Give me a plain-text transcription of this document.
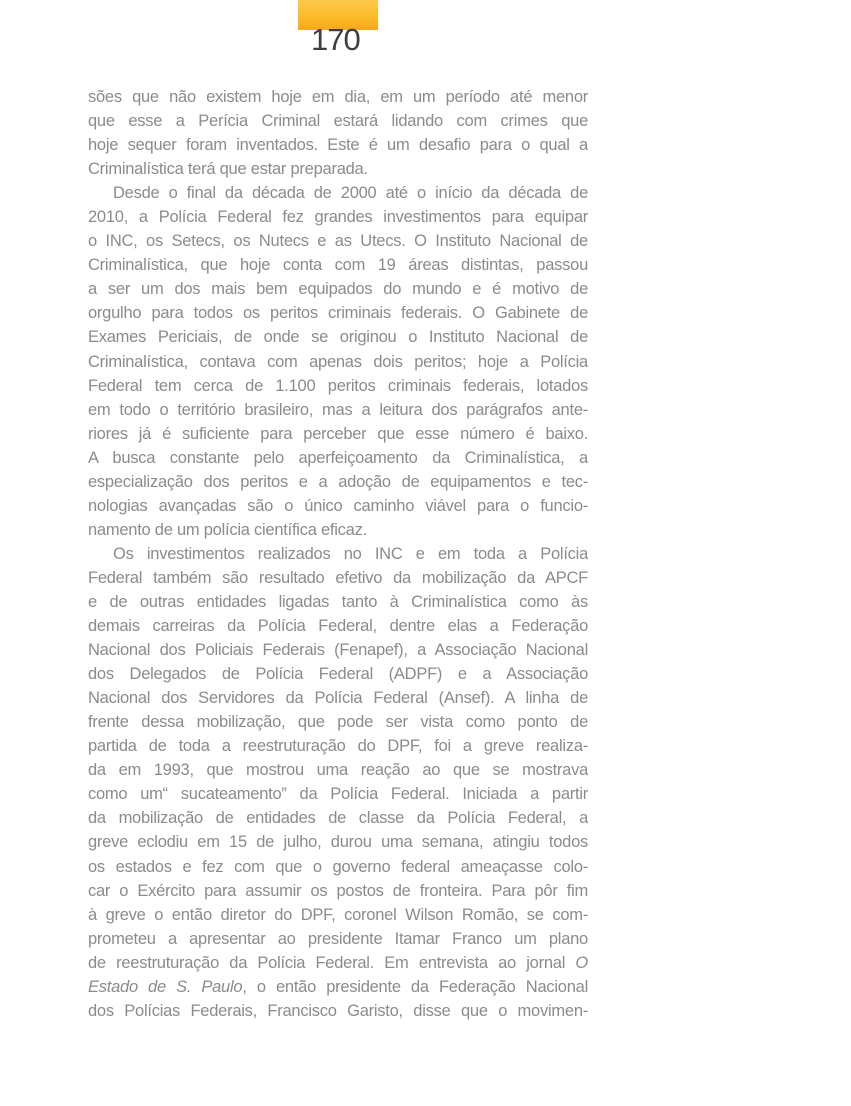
170
sões que não existem hoje em dia, em um período até menor
que esse a Perícia Criminal estará lidando com crimes que
hoje sequer foram inventados. Este é um desafio para o qual a
Criminalística terá que estar preparada.
Desde o final da década de 2000 até o início da década de
2010, a Polícia Federal fez grandes investimentos para equipar
o INC, os Setecs, os Nutecs e as Utecs. O Instituto Nacional de
Criminalística, que hoje conta com 19 áreas distintas, passou
a ser um dos mais bem equipados do mundo e é motivo de
orgulho para todos os peritos criminais federais. O Gabinete de
Exames Periciais, de onde se originou o Instituto Nacional de
Criminalística, contava com apenas dois peritos; hoje a Polícia
Federal tem cerca de 1.100 peritos criminais federais, lotados
em todo o território brasileiro, mas a leitura dos parágrafos ante-
riores já é suficiente para perceber que esse número é baixo.
A busca constante pelo aperfeiçoamento da Criminalística, a
especialização dos peritos e a adoção de equipamentos e tec-
nologias avançadas são o único caminho viável para o funcio-
namento de um polícia científica eficaz.
Os investimentos realizados no INC e em toda a Polícia
Federal também são resultado efetivo da mobilização da APCF
e de outras entidades ligadas tanto à Criminalística como às
demais carreiras da Polícia Federal, dentre elas a Federação
Nacional dos Policiais Federais (Fenapef), a Associação Nacional
dos Delegados de Polícia Federal (ADPF) e a Associação
Nacional dos Servidores da Polícia Federal (Ansef). A linha de
frente dessa mobilização, que pode ser vista como ponto de
partida de toda a reestruturação do DPF, foi a greve realiza-
da em 1993, que mostrou uma reação ao que se mostrava
como um“ sucateamento” da Polícia Federal. Iniciada a partir
da mobilização de entidades de classe da Polícia Federal, a
greve eclodiu em 15 de julho, durou uma semana, atingiu todos
os estados e fez com que o governo federal ameaçasse colo-
car o Exército para assumir os postos de fronteira. Para pôr fim
à greve o então diretor do DPF, coronel Wilson Romão, se com-
prometeu a apresentar ao presidente Itamar Franco um plano
de reestruturação da Polícia Federal. Em entrevista ao jornal O
Estado de S. Paulo, o então presidente da Federação Nacional
dos Polícias Federais, Francisco Garisto, disse que o movimen-
